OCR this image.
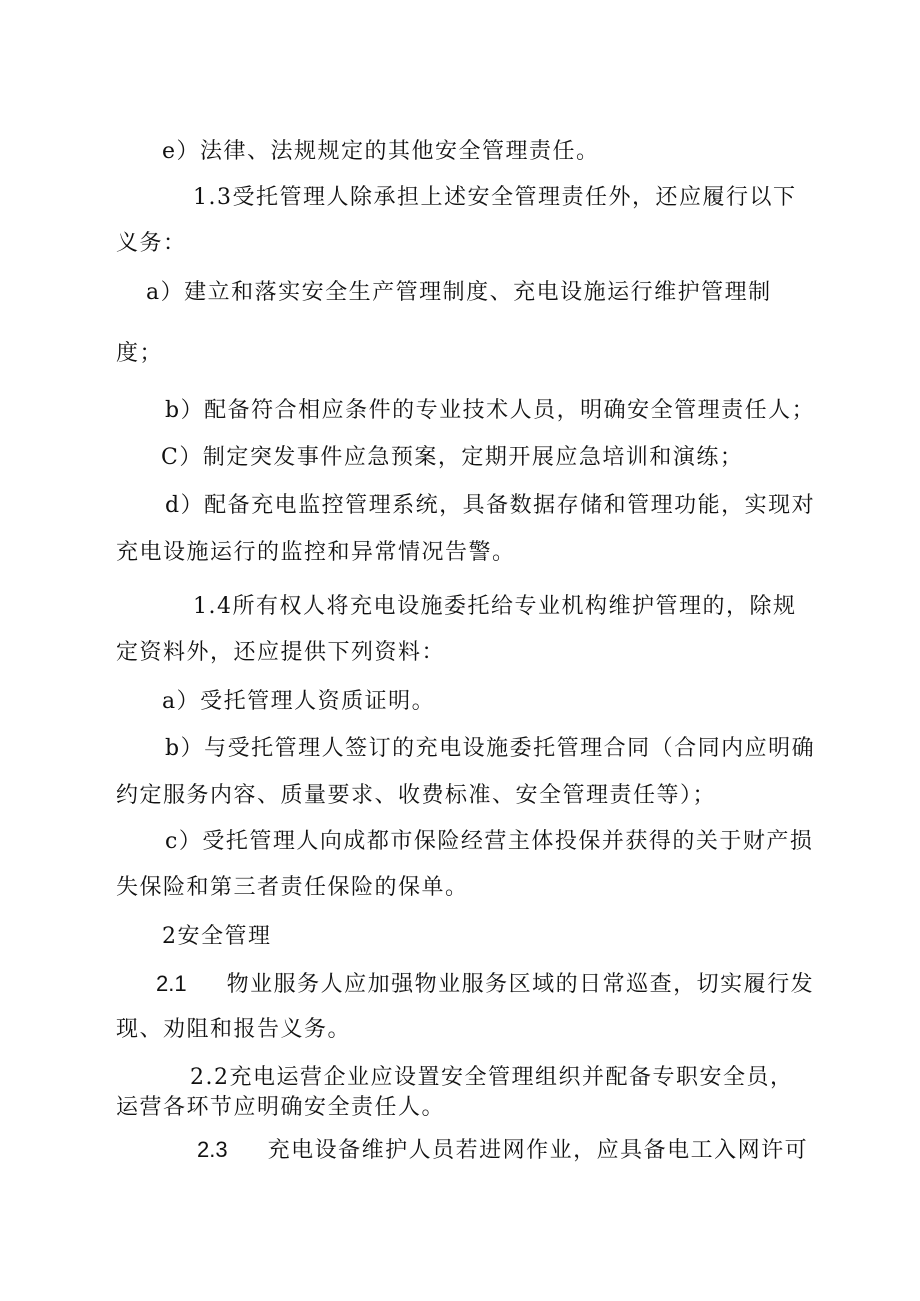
e）法律、法规规定的其他安全管理责任。
1.3受托管理人除承担上述安全管理责任外，还应履行以下
义务：
a）建立和落实安全生产管理制度、充电设施运行维护管理制
度；
b）配备符合相应条件的专业技术人员，明确安全管理责任人；
C）制定突发事件应急预案，定期开展应急培训和演练；
d）配备充电监控管理系统，具备数据存储和管理功能，实现对
充电设施运行的监控和异常情况告警。
1.4所有权人将充电设施委托给专业机构维护管理的，除规
定资料外，还应提供下列资料：
a）受托管理人资质证明。
b）与受托管理人签订的充电设施委托管理合同（合同内应明确
约定服务内容、质量要求、收费标准、安全管理责任等）；
c）受托管理人向成都市保险经营主体投保并获得的关于财产损
失保险和第三者责任保险的保单。
2安全管理
2.1 物业服务人应加强物业服务区域的日常巡查，切实履行发
现、劝阻和报告义务。
2.2充电运营企业应设置安全管理组织并配备专职安全员，
运营各环节应明确安全责任人。
2.3 充电设备维护人员若进网作业，应具备电工入网许可
